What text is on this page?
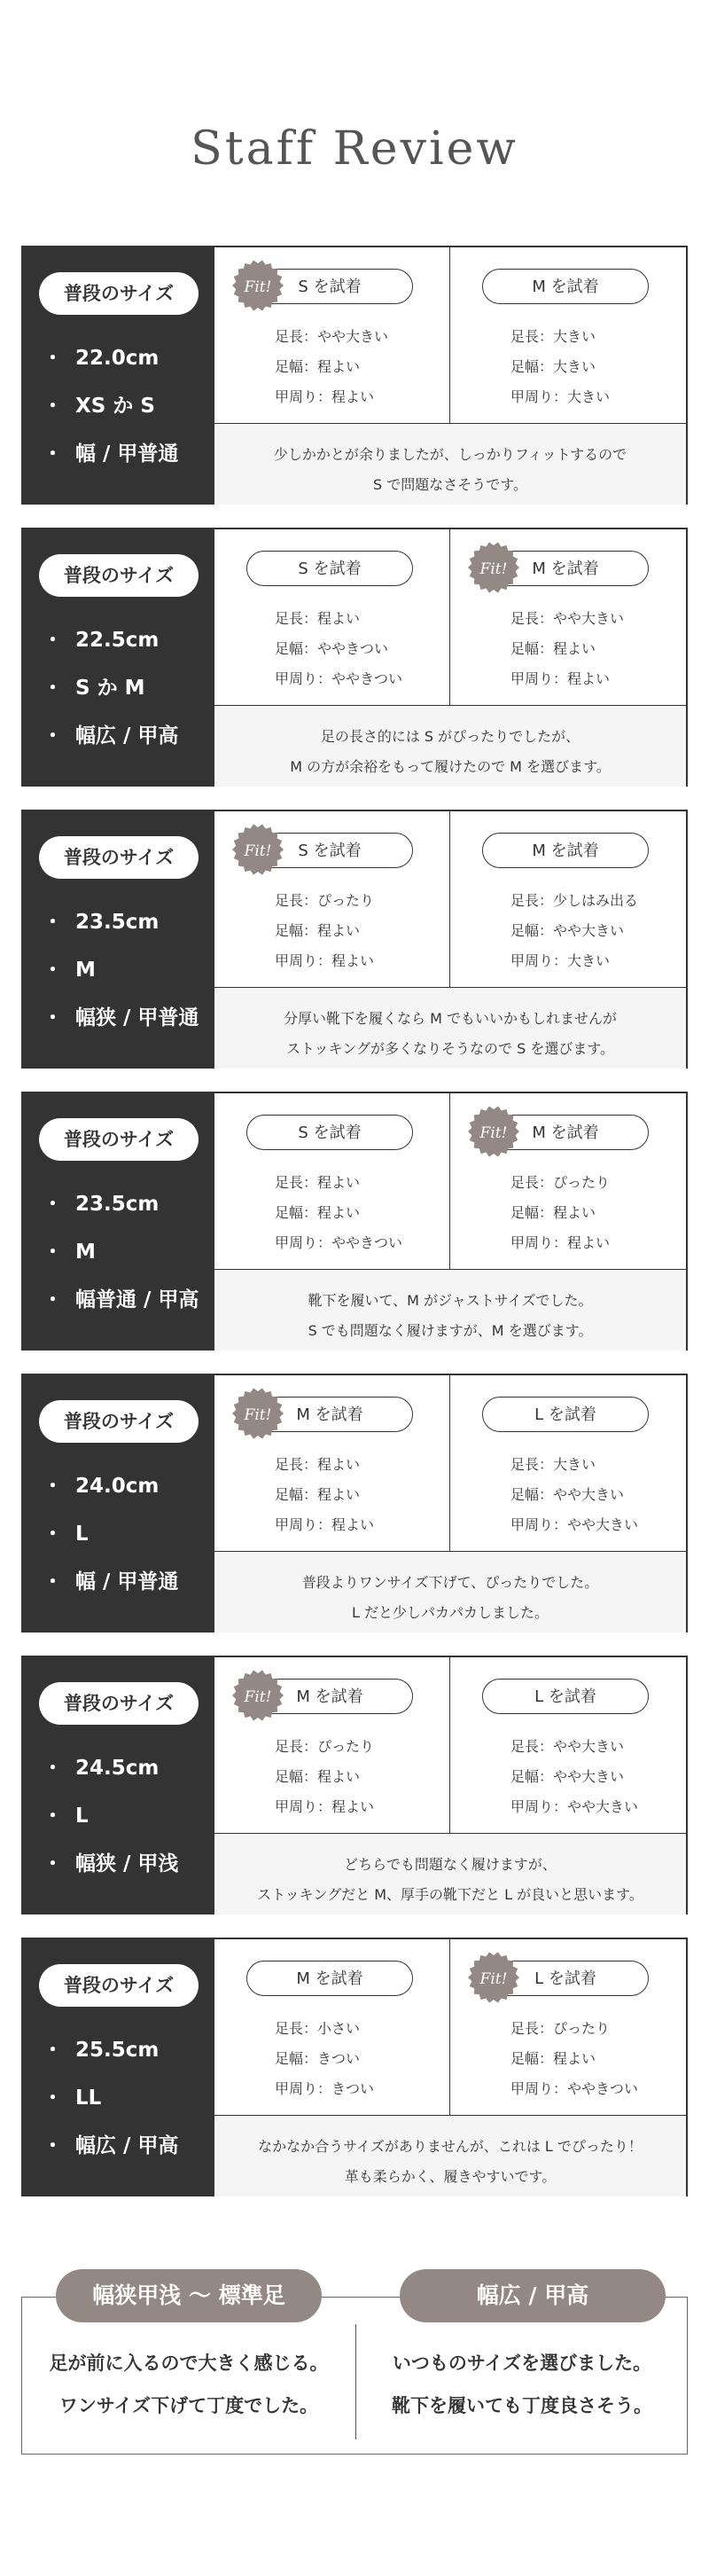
Staff Review
普段のサイズ
・ 22.0cm
・ XS か S
・ 幅 / 甲普通
S を試着
Fit!
足長：やや大きい
足幅：程よい
甲周り：程よい
M を試着
足長：大きい
足幅：大きい
甲周り：大きい
少しかかとが余りましたが、しっかりフィットするので
S で問題なさそうです。
普段のサイズ
・ 22.5cm
・ S か M
・ 幅広 / 甲高
S を試着
足長：程よい
足幅：ややきつい
甲周り：ややきつい
M を試着
Fit!
足長：やや大きい
足幅：程よい
甲周り：程よい
足の長さ的には S がぴったりでしたが、
M の方が余裕をもって履けたので M を選びます。
普段のサイズ
・ 23.5cm
・ M
・ 幅狭 / 甲普通
S を試着
Fit!
足長：ぴったり
足幅：程よい
甲周り：程よい
M を試着
足長：少しはみ出る
足幅：やや大きい
甲周り：大きい
分厚い靴下を履くなら M でもいいかもしれませんが
ストッキングが多くなりそうなので S を選びます。
普段のサイズ
・ 23.5cm
・ M
・ 幅普通 / 甲高
S を試着
足長：程よい
足幅：程よい
甲周り：ややきつい
M を試着
Fit!
足長：ぴったり
足幅：程よい
甲周り：程よい
靴下を履いて、M がジャストサイズでした。
S でも問題なく履けますが、M を選びます。
普段のサイズ
・ 24.0cm
・ L
・ 幅 / 甲普通
M を試着
Fit!
足長：程よい
足幅：程よい
甲周り：程よい
L を試着
足長：大きい
足幅：やや大きい
甲周り：やや大きい
普段よりワンサイズ下げて、ぴったりでした。
L だと少しパカパカしました。
普段のサイズ
・ 24.5cm
・ L
・ 幅狭 / 甲浅
M を試着
Fit!
足長：ぴったり
足幅：程よい
甲周り：程よい
L を試着
足長：やや大きい
足幅：やや大きい
甲周り：やや大きい
どちらでも問題なく履けますが、
ストッキングだと M、厚手の靴下だと L が良いと思います。
普段のサイズ
・ 25.5cm
・ LL
・ 幅広 / 甲高
M を試着
足長：小さい
足幅：きつい
甲周り：きつい
L を試着
Fit!
足長：ぴったり
足幅：程よい
甲周り：ややきつい
なかなか合うサイズがありませんが、これは L でぴったり！
革も柔らかく、履きやすいです。
幅狭甲浅 ～ 標準足	幅広 / 甲高
足が前に入るので大きく感じる。
ワンサイズ下げて丁度でした。
いつものサイズを選びました。
靴下を履いても丁度良さそう。
